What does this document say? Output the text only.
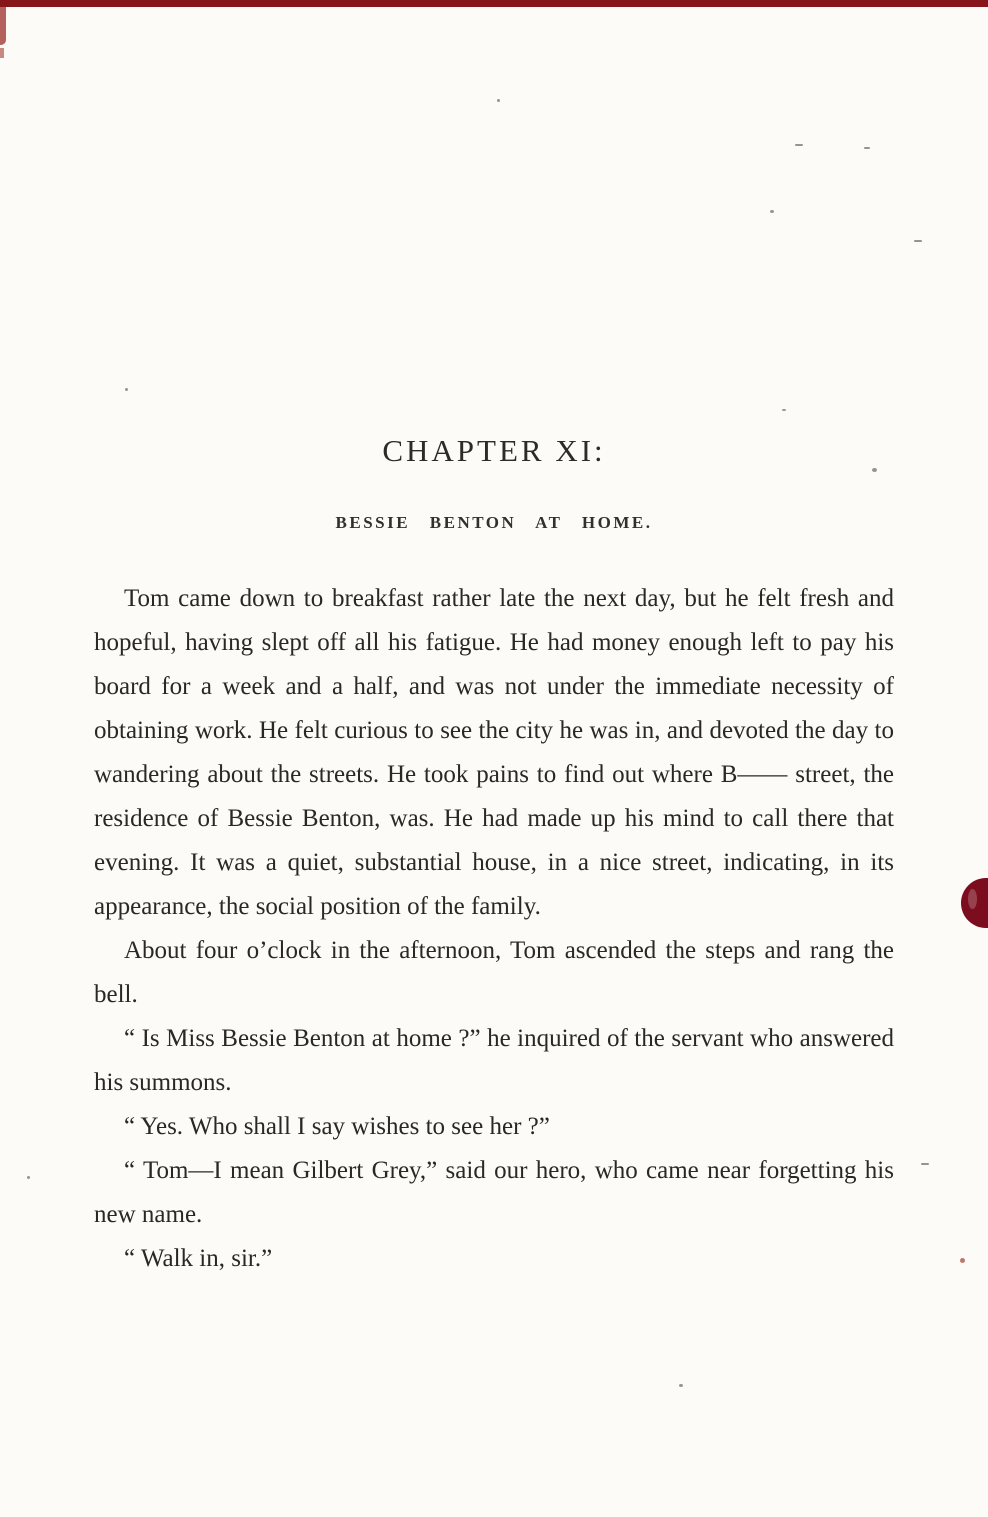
CHAPTER XI:
BESSIE BENTON AT HOME.

Tom came down to breakfast rather late the next day, but he felt fresh and hopeful, having slept off all his fatigue. He had money enough left to pay his board for a week and a half, and was not under the immediate necessity of obtaining work. He felt curious to see the city he was in, and devoted the day to wandering about the streets. He took pains to find out where B—— street, the residence of Bessie Benton, was. He had made up his mind to call there that evening. It was a quiet, substantial house, in a nice street, indicating, in its appearance, the social position of the family.

About four o’clock in the afternoon, Tom ascended the steps and rang the bell.

“ Is Miss Bessie Benton at home ?” he inquired of the servant who answered his summons.

“ Yes. Who shall I say wishes to see her ?”

“ Tom—I mean Gilbert Grey,” said our hero, who came near forgetting his new name.

“ Walk in, sir.”
